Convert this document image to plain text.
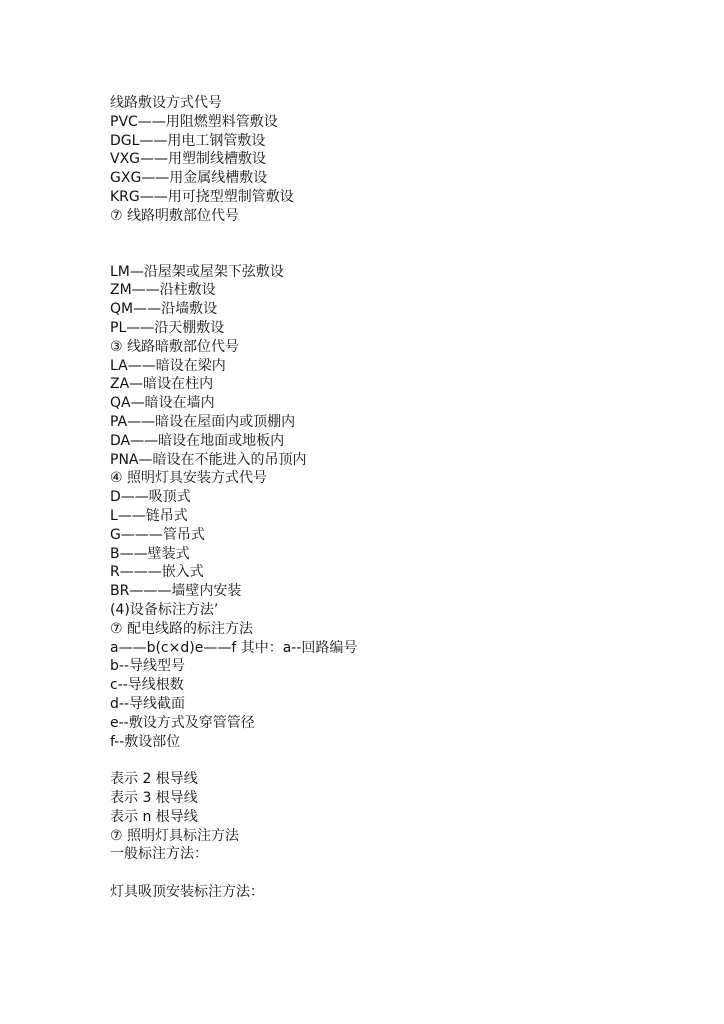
线路敷设方式代号
PVC——用阻燃塑料管敷设
DGL——用电工钢管敷设
VXG——用塑制线槽敷设
GXG——用金属线槽敷设
KRG——用可挠型塑制管敷设
⑦ 线路明敷部位代号
LM—沿屋架或屋架下弦敷设
ZM——沿柱敷设
QM——沿墙敷设
PL——沿天棚敷设
③ 线路暗敷部位代号
LA——暗设在梁内
ZA—暗设在柱内
QA—暗设在墙内
PA——暗设在屋面内或顶棚内
DA——暗设在地面或地板内
PNA—暗设在不能进入的吊顶内
④ 照明灯具安装方式代号
D——吸顶式
L——链吊式
G———管吊式
B——壁装式
R———嵌入式
BR———墙壁内安装
(4)设备标注方法’
⑦ 配电线路的标注方法
a——b(c×d)e——f 其中：a--回路编号
b--导线型号
c--导线根数
d--导线截面
e--敷设方式及穿管管径
f--敷设部位
表示 2 根导线
表示 3 根导线
表示 n 根导线
⑦ 照明灯具标注方法
一般标注方法：
灯具吸顶安装标注方法：
